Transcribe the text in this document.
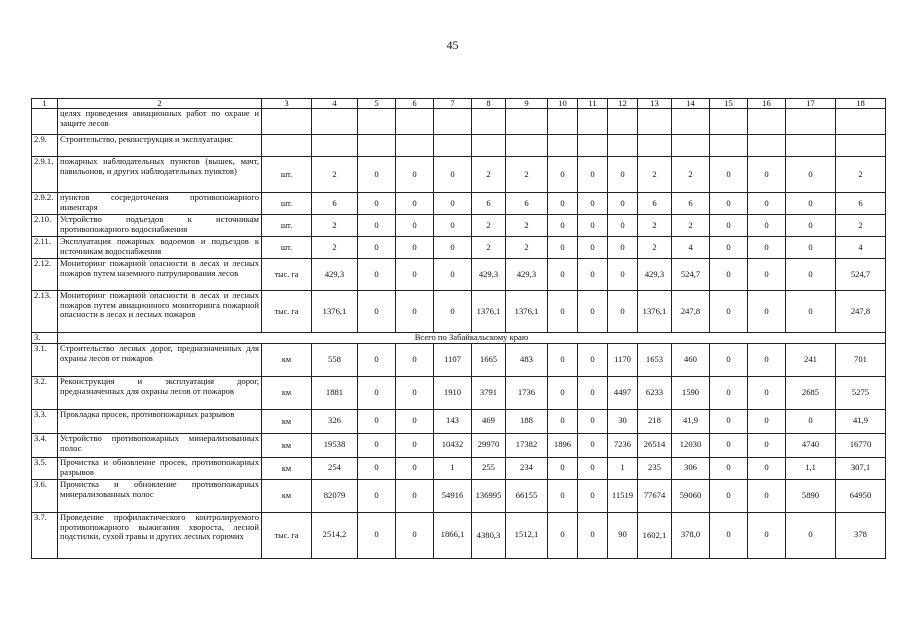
45
1	2	3	4	5	6	7	8	9	10	11	12	13	14	15	16	17	18
	целях проведения авиационных работ по охране и защите лесов																
2.9.	Строительство, реконструкция и эксплуатация:																
2.9.1.	пожарных наблюдательных пунктов (вышек, мачт, павильонов, и других наблюдательных пунктов)	шт.	2	0	0	0	2	2	0	0	0	2	2	0	0	0	2
2.9.2.	пунктов сосредоточения противопожарного инвентаря	шт.	6	0	0	0	6	6	0	0	0	6	6	0	0	0	6
2.10.	Устройство подъездов к источникам противопожарного водоснабжения	шт.	2	0	0	0	2	2	0	0	0	2	2	0	0	0	2
2.11.	Эксплуатация пожарных водоемов и подъездов к источникам водоснабжения	шт.	2	0	0	0	2	2	0	0	0	2	4	0	0	0	4
2.12.	Мониторинг пожарной опасности в лесах и лесных пожаров путем наземного патрулирования лесов	тыс. га	429,3	0	0	0	429,3	429,3	0	0	0	429,3	524,7	0	0	0	524,7
2.13.	Мониторинг пожарной опасности в лесах и лесных пожаров путем авиационного мониторинга пожарной опасности в лесах и лесных пожаров	тыс. га	1376,1	0	0	0	1376,1	1376,1	0	0	0	1376,1	247,8	0	0	0	247,8
3.	Всего по Забайкальскому краю																
3.1.	Строительство лесных дорог, предназначенных для охраны лесов от пожаров	км	558	0	0	1107	1665	483	0	0	1170	1653	460	0	0	241	701
3.2.	Реконструкция и эксплуатация дорог, предназначенных для охраны лесов от пожаров	км	1881	0	0	1910	3791	1736	0	0	4497	6233	1590	0	0	2685	5275
3.3.	Прокладка просек, противопожарных разрывов	км	326	0	0	143	469	188	0	0	30	218	41,9	0	0	0	41,9
3.4.	Устройство противопожарных минерализованных полос	км	19538	0	0	10432	29970	17382	1896	0	7236	26514	12030	0	0	4740	16770
3.5.	Прочистка и обновление просек, противопожарных разрывов	км	254	0	0	1	255	234	0	0	1	235	306	0	0	1,1	307,1
3.6.	Прочистка и обновление противопожарных минерализованных полос	км	82079	0	0	54916	136995	66155	0	0	11519	77674	59060	0	0	5890	64950
3.7.	Проведение профилактического контролируемого противопожарного выжигания хвороста, лесной подстилки, сухой травы и других лесных горючих	тыс. га	2514,2	0	0	1866,1	4380,3	1512,1	0	0	90	1602,1	378,0	0	0	0	378
